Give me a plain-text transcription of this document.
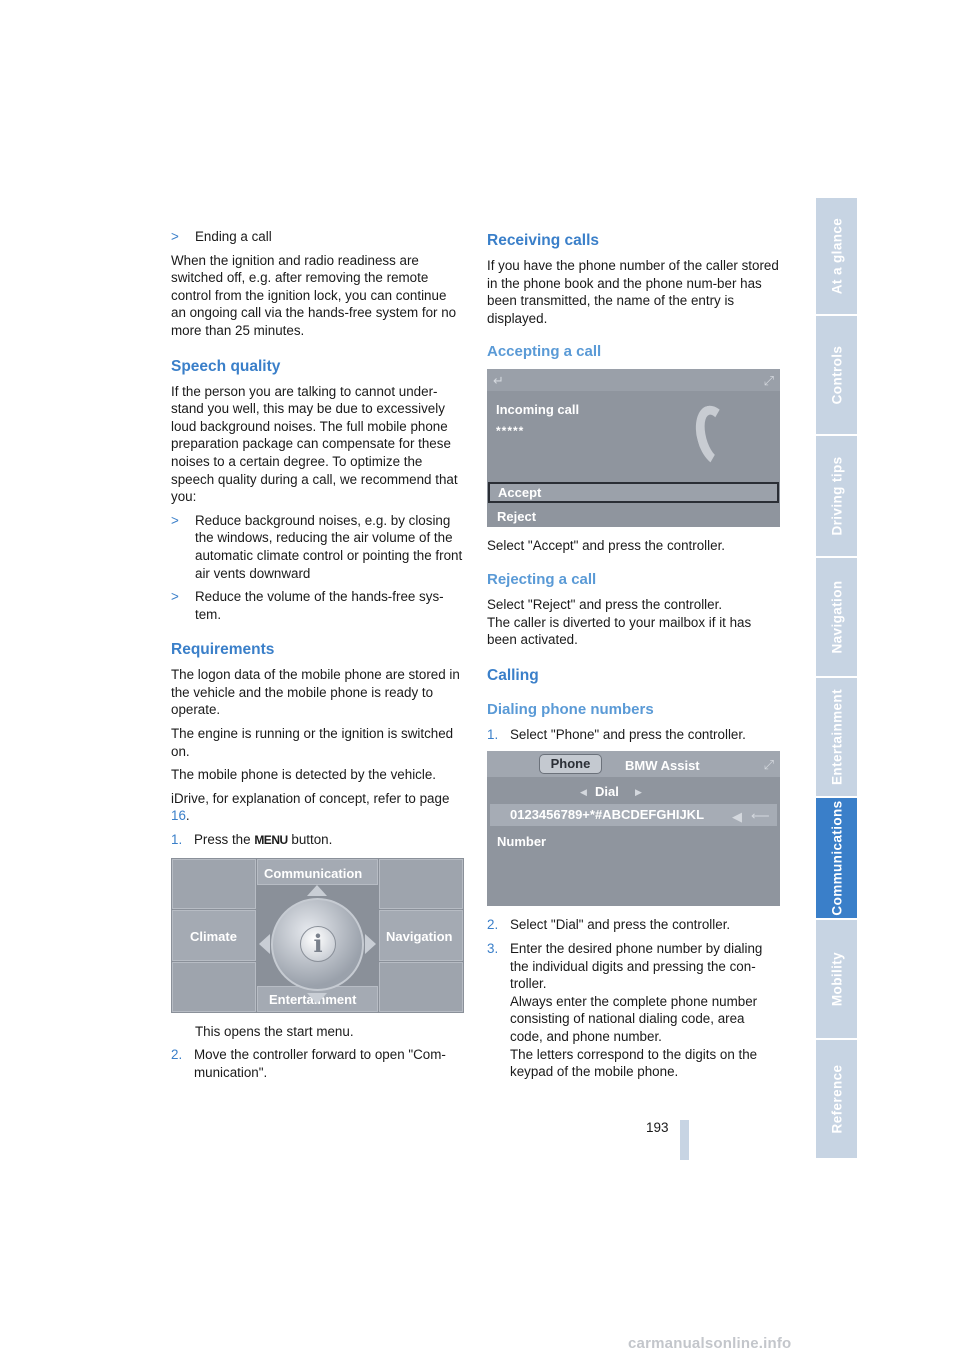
>	Ending a call

When the ignition and radio readiness are switched off, e.g. after removing the remote control from the ignition lock, you can continue an ongoing call via the hands-free system for no more than 25 minutes.

Speech quality

If the person you are talking to cannot under-stand you well, this may be due to excessively loud background noises. The full mobile phone preparation package can compensate for these noises to a certain degree. To optimize the speech quality during a call, we recommend that you:

>	Reduce background noises, e.g. by closing the windows, reducing the air volume of the automatic climate control or pointing the front air vents downward
>	Reduce the volume of the hands-free sys-tem.
Requirements

The logon data of the mobile phone are stored in the vehicle and the mobile phone is ready to operate.

The engine is running or the ignition is switched on.

The mobile phone is detected by the vehicle.

iDrive, for explanation of concept, refer to page 16.

1. Press the MENU button.
Communication
Climate	Navigation
Entertainment
i

This opens the start menu.

2. Move the controller forward to open "Com-munication".
Receiving calls

If you have the phone number of the caller stored in the phone book and the phone num-ber has been transmitted, the name of the entry is displayed.

Accepting a call
↵	⤢
Incoming call
*****
Accept
Reject

Select "Accept" and press the controller.

Rejecting a call

Select "Reject" and press the controller.

The caller is diverted to your mailbox if it has been activated.

Calling
Dialing phone numbers
1. Select "Phone" and press the controller.
Phone	BMW Assist	⤢
◀ Dial ▶
0123456789+*#ABCDEFGHIJKL	◀ ⟵
Number
2. Select "Dial" and press the controller.
3. Enter the desired phone number by dialing the individual digits and pressing the con-troller.
Always enter the complete phone number consisting of national dialing code, area code, and phone number.
The letters correspond to the digits on the keypad of the mobile phone.
At a glance
Controls
Driving tips
Navigation
Entertainment
Communications
Mobility
Reference
193
carmanualsonline.info
